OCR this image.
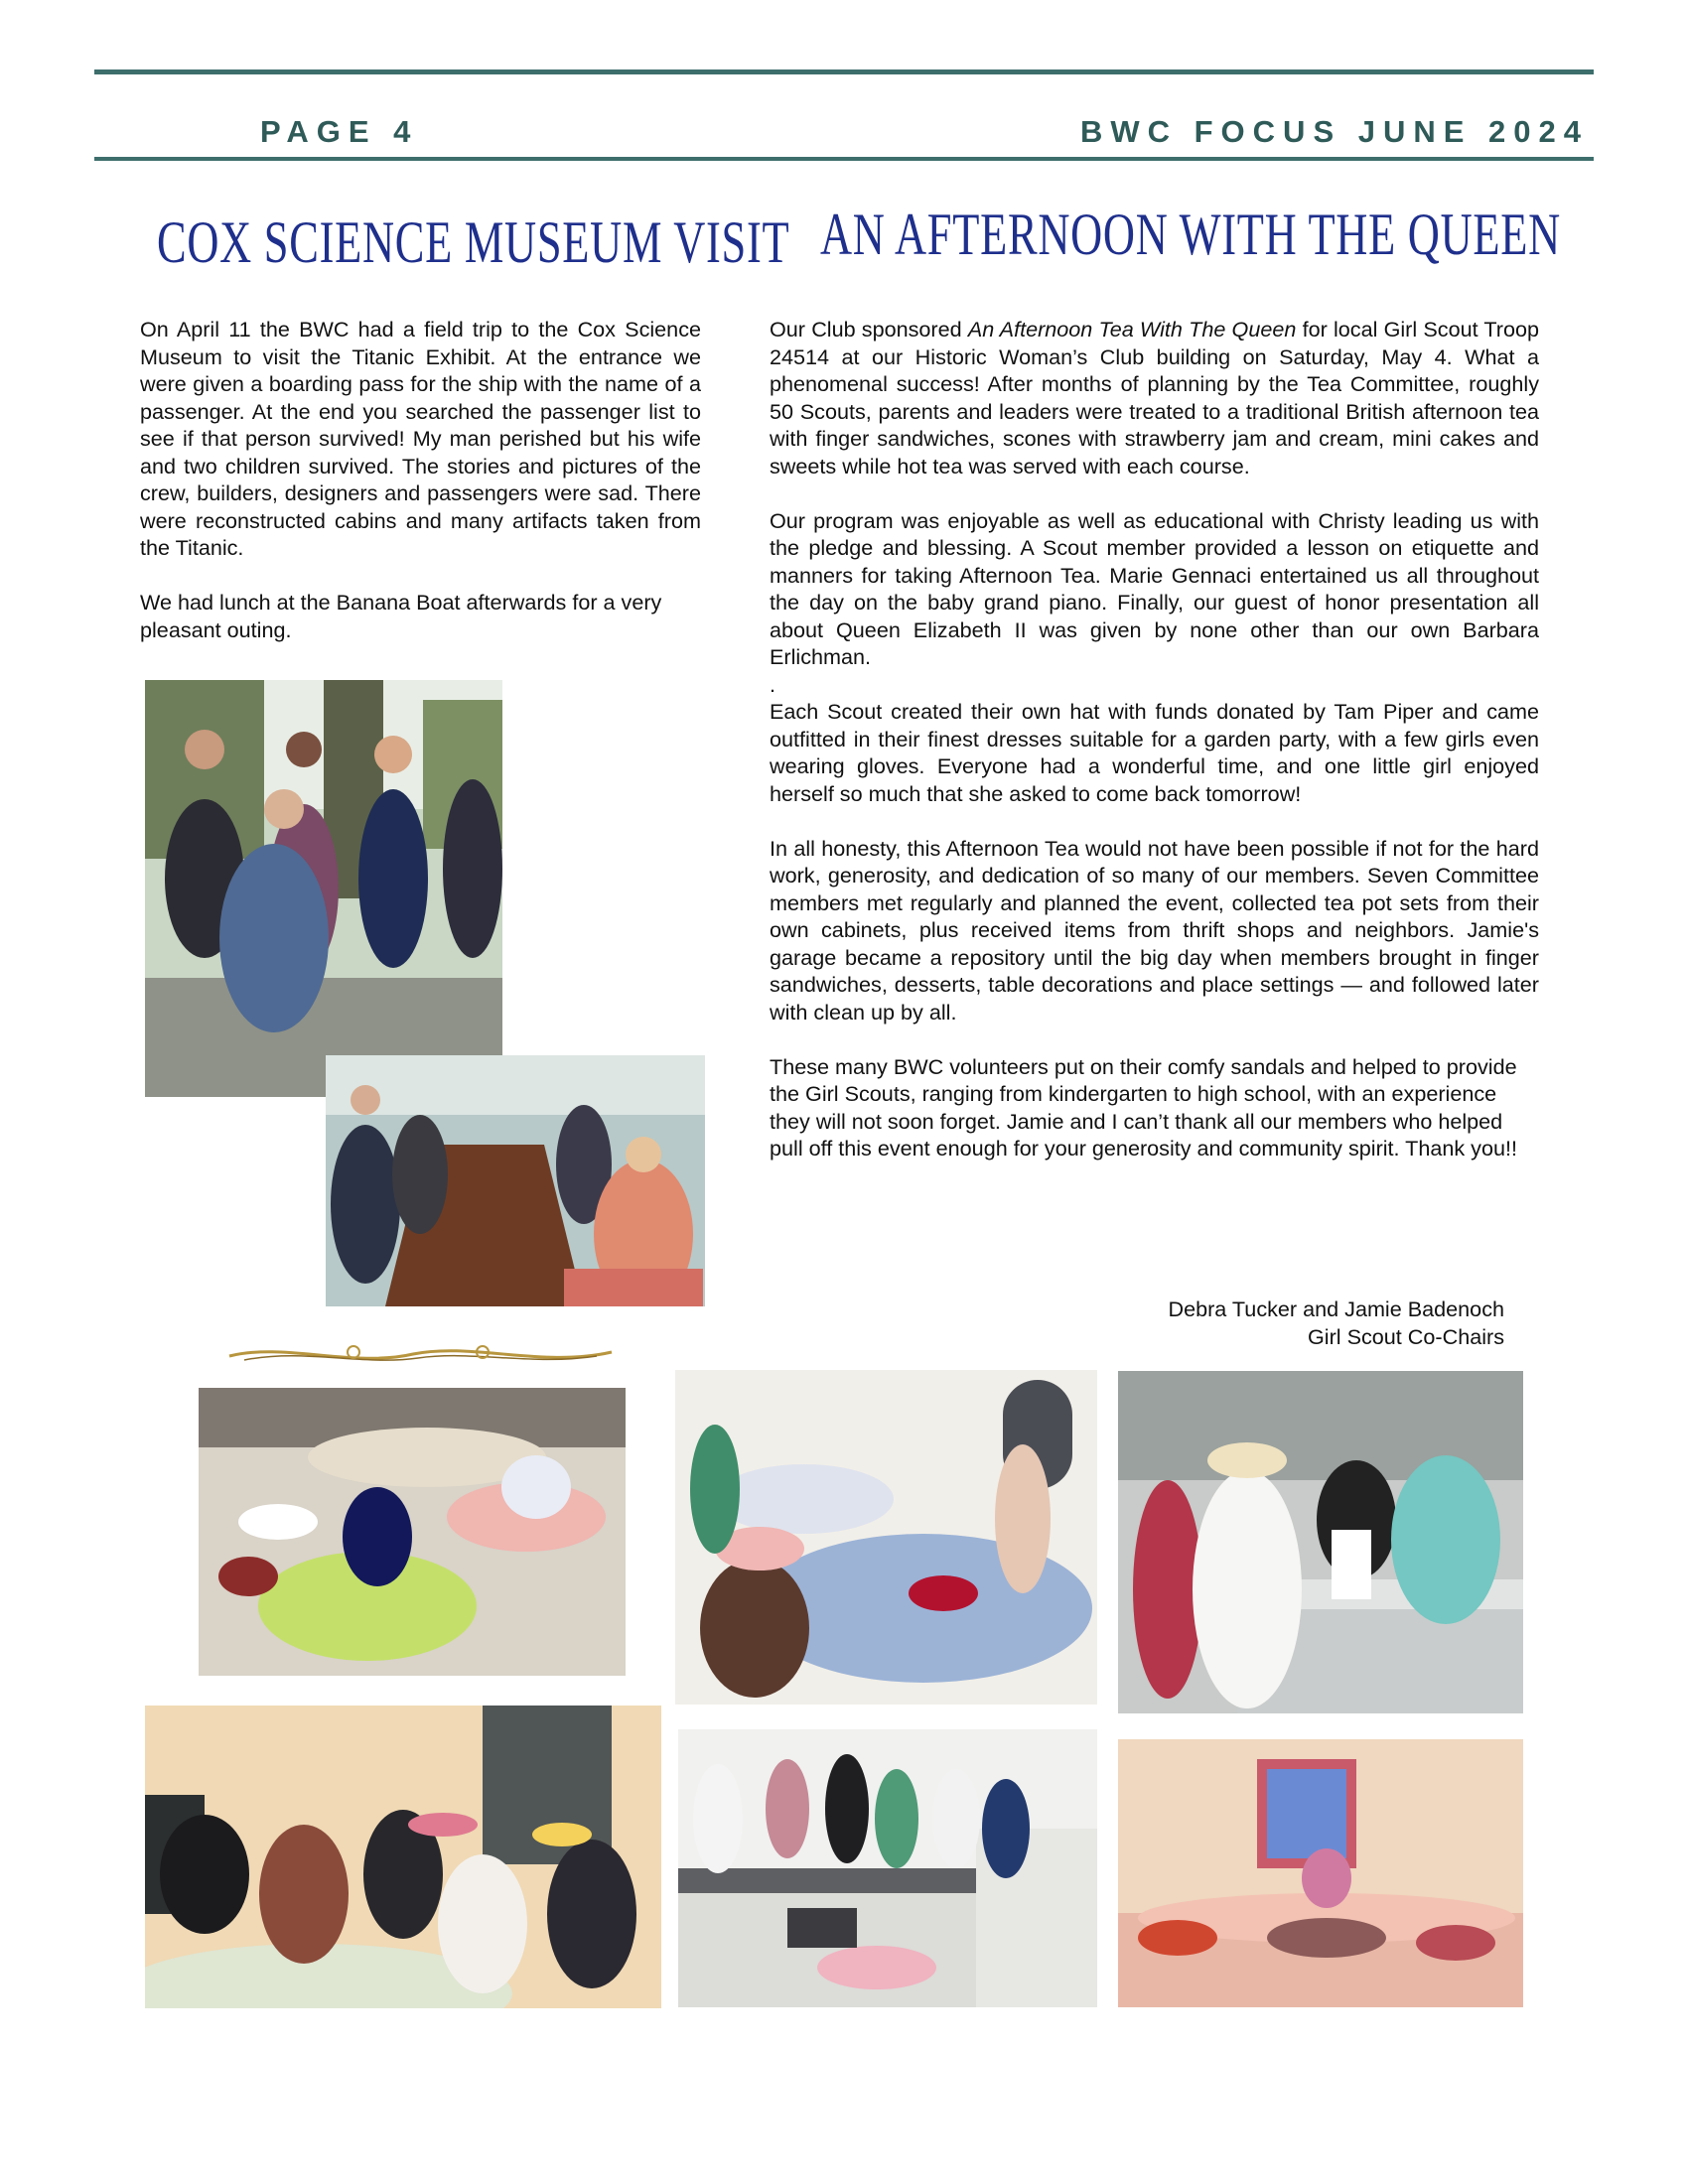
PAGE 4	BWC FOCUS JUNE 2024
COX SCIENCE MUSEUM VISIT AN AFTERNOON WITH THE QUEEN

On April 11 the BWC had a field trip to the Cox Science Museum to visit the Titanic Exhibit. At the entrance we were given a boarding pass for the ship with the name of a passenger. At the end you searched the passenger list to see if that person survived! My man perished but his wife and two children survived. The stories and pictures of the crew, builders, designers and passengers were sad. There were reconstructed cabins and many artifacts taken from the Titanic.

We had lunch at the Banana Boat afterwards for a very pleasant outing.

Our Club sponsored An Afternoon Tea With The Queen for local Girl Scout Troop 24514 at our Historic Woman’s Club building on Saturday, May 4. What a phenomenal success! After months of planning by the Tea Committee, roughly 50 Scouts, parents and leaders were treated to a traditional British afternoon tea with finger sandwiches, scones with strawberry jam and cream, mini cakes and sweets while hot tea was served with each course.

Our program was enjoyable as well as educational with Christy leading us with the pledge and blessing. A Scout member provided a lesson on etiquette and manners for taking Afternoon Tea. Marie Gennaci entertained us all throughout the day on the baby grand piano. Finally, our guest of honor presentation all about Queen Elizabeth II was given by none other than our own Barbara Erlichman.

.

Each Scout created their own hat with funds donated by Tam Piper and came outfitted in their finest dresses suitable for a garden party, with a few girls even wearing gloves. Everyone had a wonderful time, and one little girl enjoyed herself so much that she asked to come back tomorrow!

In all honesty, this Afternoon Tea would not have been possible if not for the hard work, generosity, and dedication of so many of our members. Seven Committee members met regularly and planned the event, collected tea pot sets from their own cabinets, plus received items from thrift shops and neighbors. Jamie's garage became a repository until the big day when members brought in finger sandwiches, desserts, table decorations and place settings — and followed later with clean up by all.

These many BWC volunteers put on their comfy sandals and helped to provide the Girl Scouts, ranging from kindergarten to high school, with an experience they will not soon forget. Jamie and I can’t thank all our members who helped pull off this event enough for your generosity and community spirit. Thank you!!

Debra Tucker and Jamie Badenoch
Girl Scout Co-Chairs
